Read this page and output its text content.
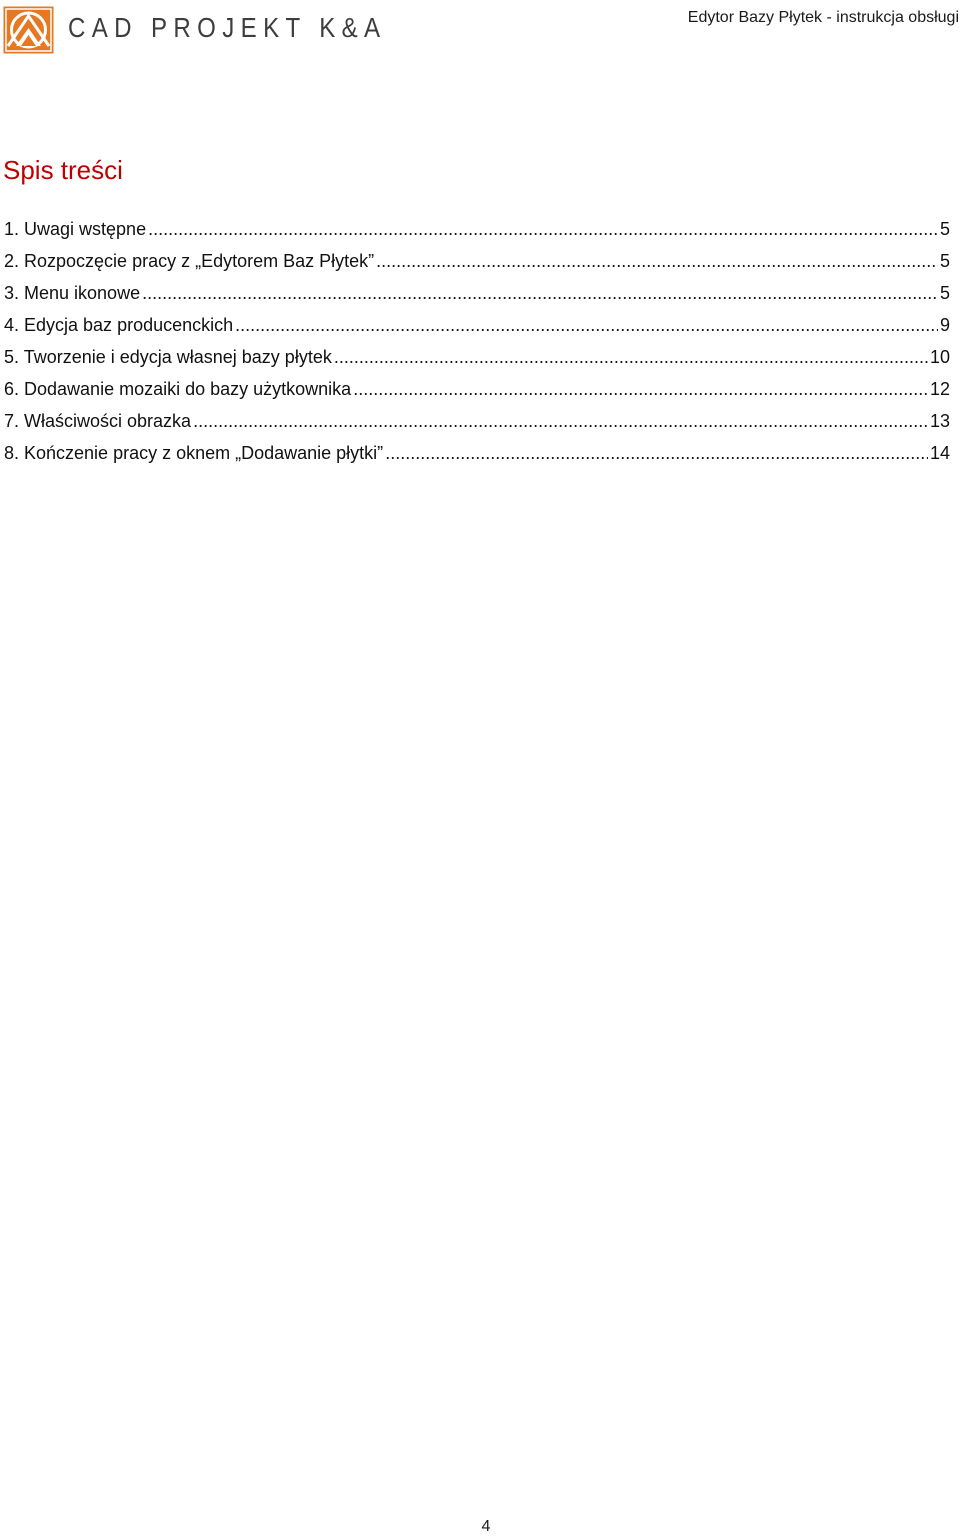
CAD PROJEKT K&A	Edytor Bazy Płytek - instrukcja obsługi
Spis treści
1. Uwagi wstępne .....	5
2. Rozpoczęcie pracy z „Edytorem Baz Płytek” .....	5
3. Menu ikonowe .....	5
4. Edycja baz producenckich .....	9
5. Tworzenie i edycja własnej bazy płytek .....	10
6. Dodawanie mozaiki do bazy użytkownika .....	12
7. Właściwości obrazka .....	13
8. Kończenie pracy z oknem „Dodawanie płytki” .....	14
4
